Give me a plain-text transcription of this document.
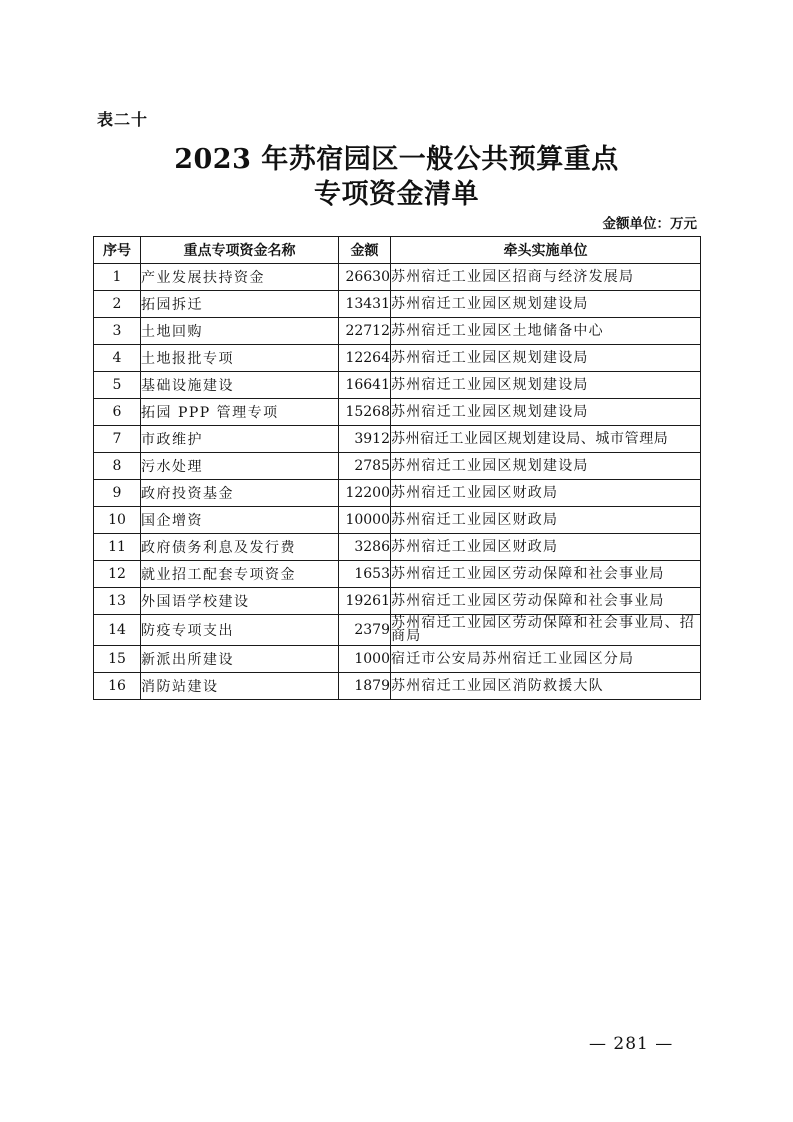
表二十
2023 年苏宿园区一般公共预算重点
专项资金清单
金额单位：万元
序号	重点专项资金名称	金额	牵头实施单位
1	产业发展扶持资金	26630	苏州宿迁工业园区招商与经济发展局
2	拓园拆迁	13431	苏州宿迁工业园区规划建设局
3	土地回购	22712	苏州宿迁工业园区土地储备中心
4	土地报批专项	12264	苏州宿迁工业园区规划建设局
5	基础设施建设	16641	苏州宿迁工业园区规划建设局
6	拓园 PPP 管理专项	15268	苏州宿迁工业园区规划建设局
7	市政维护	3912	苏州宿迁工业园区规划建设局、城市管理局
8	污水处理	2785	苏州宿迁工业园区规划建设局
9	政府投资基金	12200	苏州宿迁工业园区财政局
10	国企增资	10000	苏州宿迁工业园区财政局
11	政府债务利息及发行费	3286	苏州宿迁工业园区财政局
12	就业招工配套专项资金	1653	苏州宿迁工业园区劳动保障和社会事业局
13	外国语学校建设	19261	苏州宿迁工业园区劳动保障和社会事业局
14	防疫专项支出	2379	苏州宿迁工业园区劳动保障和社会事业局、招商局
15	新派出所建设	1000	宿迁市公安局苏州宿迁工业园区分局
16	消防站建设	1879	苏州宿迁工业园区消防救援大队
— 281 —
